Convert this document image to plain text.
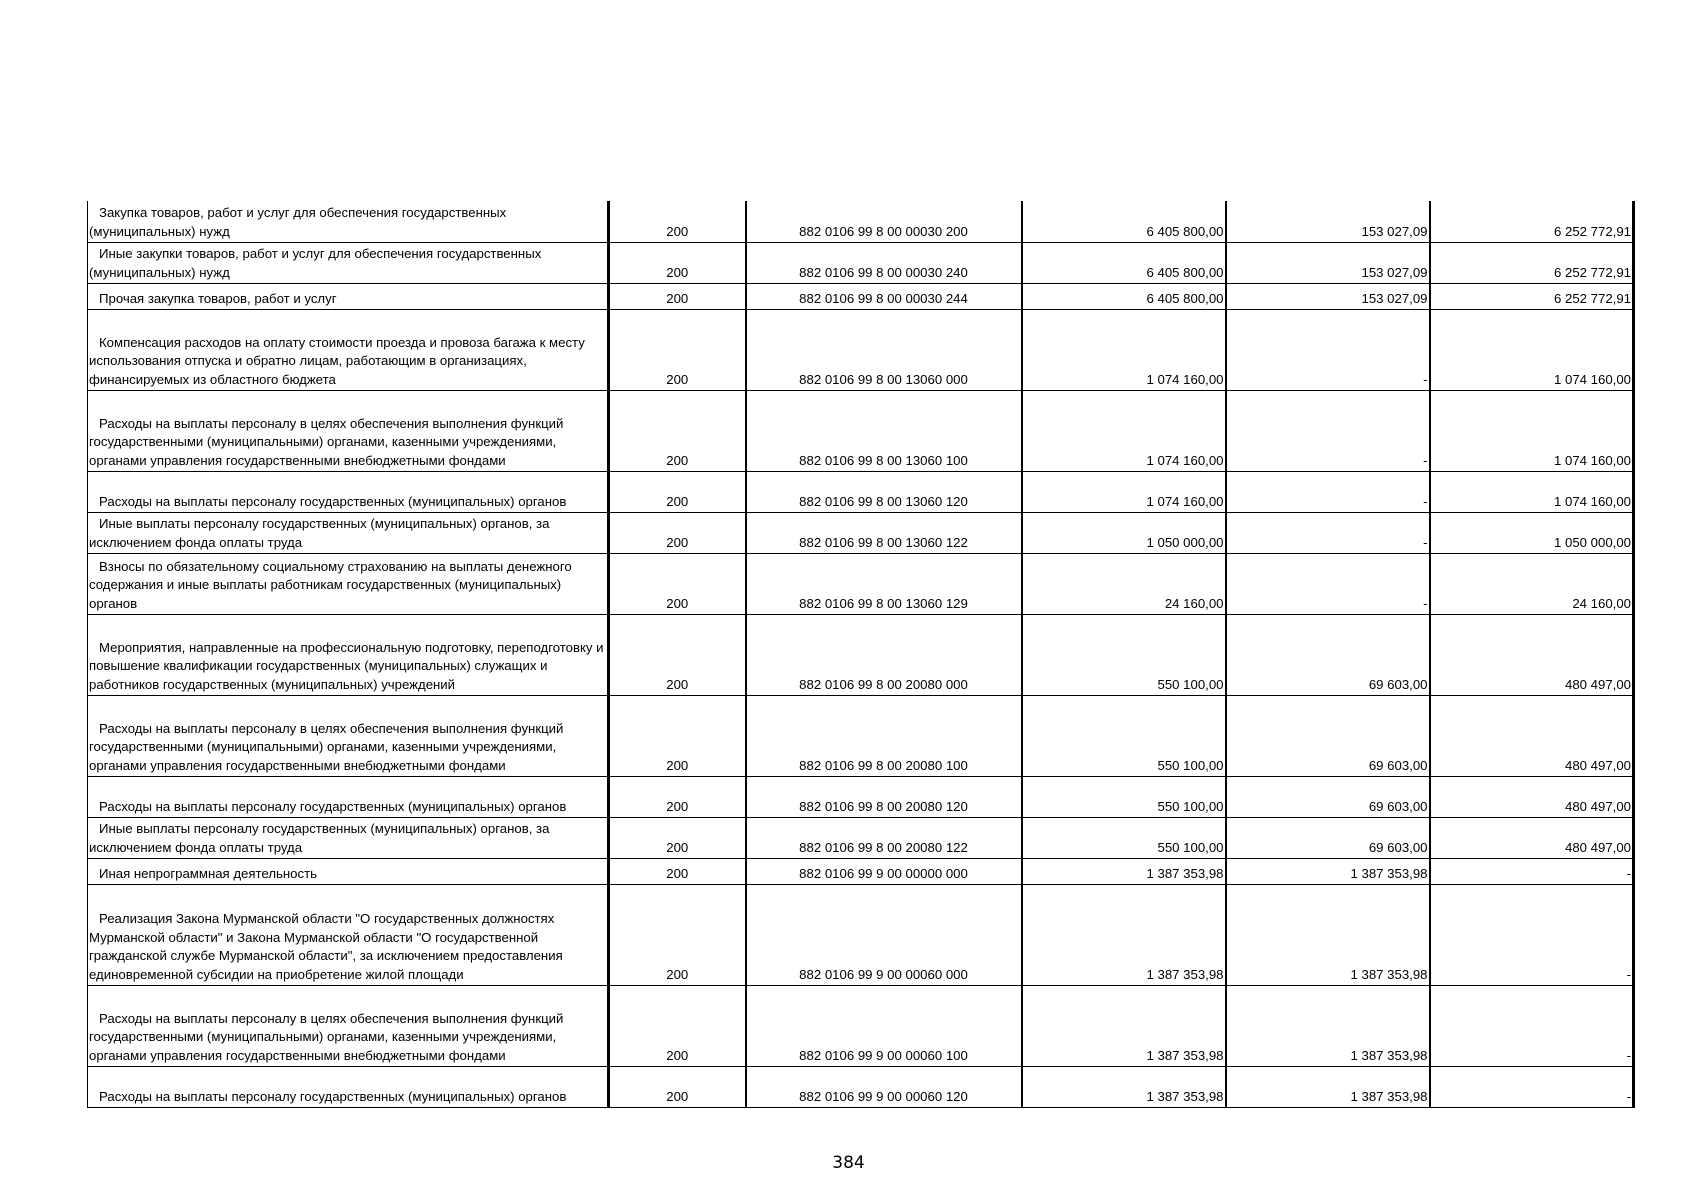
Закупка товаров, работ и услуг для обеспечения государственных (муниципальных) нужд	200	882 0106 99 8 00 00030 200	6 405 800,00	153 027,09	6 252 772,91
Иные закупки товаров, работ и услуг для обеспечения государственных (муниципальных) нужд	200	882 0106 99 8 00 00030 240	6 405 800,00	153 027,09	6 252 772,91
Прочая закупка товаров, работ и услуг	200	882 0106 99 8 00 00030 244	6 405 800,00	153 027,09	6 252 772,91
Компенсация расходов на оплату стоимости проезда и провоза багажа к месту использования отпуска и обратно лицам, работающим в организациях, финансируемых из областного бюджета	200	882 0106 99 8 00 13060 000	1 074 160,00	-	1 074 160,00
Расходы на выплаты персоналу в целях обеспечения выполнения функций государственными (муниципальными) органами, казенными учреждениями, органами управления государственными внебюджетными фондами	200	882 0106 99 8 00 13060 100	1 074 160,00	-	1 074 160,00
Расходы на выплаты персоналу государственных (муниципальных) органов	200	882 0106 99 8 00 13060 120	1 074 160,00	-	1 074 160,00
Иные выплаты персоналу государственных (муниципальных) органов, за исключением фонда оплаты труда	200	882 0106 99 8 00 13060 122	1 050 000,00	-	1 050 000,00
Взносы по обязательному социальному страхованию на выплаты денежного содержания и иные выплаты работникам государственных (муниципальных) органов	200	882 0106 99 8 00 13060 129	24 160,00	-	24 160,00
Мероприятия, направленные на профессиональную подготовку, переподготовку и повышение квалификации государственных (муниципальных) служащих и работников государственных (муниципальных) учреждений	200	882 0106 99 8 00 20080 000	550 100,00	69 603,00	480 497,00
Расходы на выплаты персоналу в целях обеспечения выполнения функций государственными (муниципальными) органами, казенными учреждениями, органами управления государственными внебюджетными фондами	200	882 0106 99 8 00 20080 100	550 100,00	69 603,00	480 497,00
Расходы на выплаты персоналу государственных (муниципальных) органов	200	882 0106 99 8 00 20080 120	550 100,00	69 603,00	480 497,00
Иные выплаты персоналу государственных (муниципальных) органов, за исключением фонда оплаты труда	200	882 0106 99 8 00 20080 122	550 100,00	69 603,00	480 497,00
Иная непрограммная деятельность	200	882 0106 99 9 00 00000 000	1 387 353,98	1 387 353,98	-
Реализация Закона Мурманской области "О государственных должностях Мурманской области" и Закона Мурманской области "О государственной гражданской службе Мурманской области", за исключением предоставления единовременной субсидии на приобретение жилой площади	200	882 0106 99 9 00 00060 000	1 387 353,98	1 387 353,98	-
Расходы на выплаты персоналу в целях обеспечения выполнения функций государственными (муниципальными) органами, казенными учреждениями, органами управления государственными внебюджетными фондами	200	882 0106 99 9 00 00060 100	1 387 353,98	1 387 353,98	-
Расходы на выплаты персоналу государственных (муниципальных) органов	200	882 0106 99 9 00 00060 120	1 387 353,98	1 387 353,98	-
384
